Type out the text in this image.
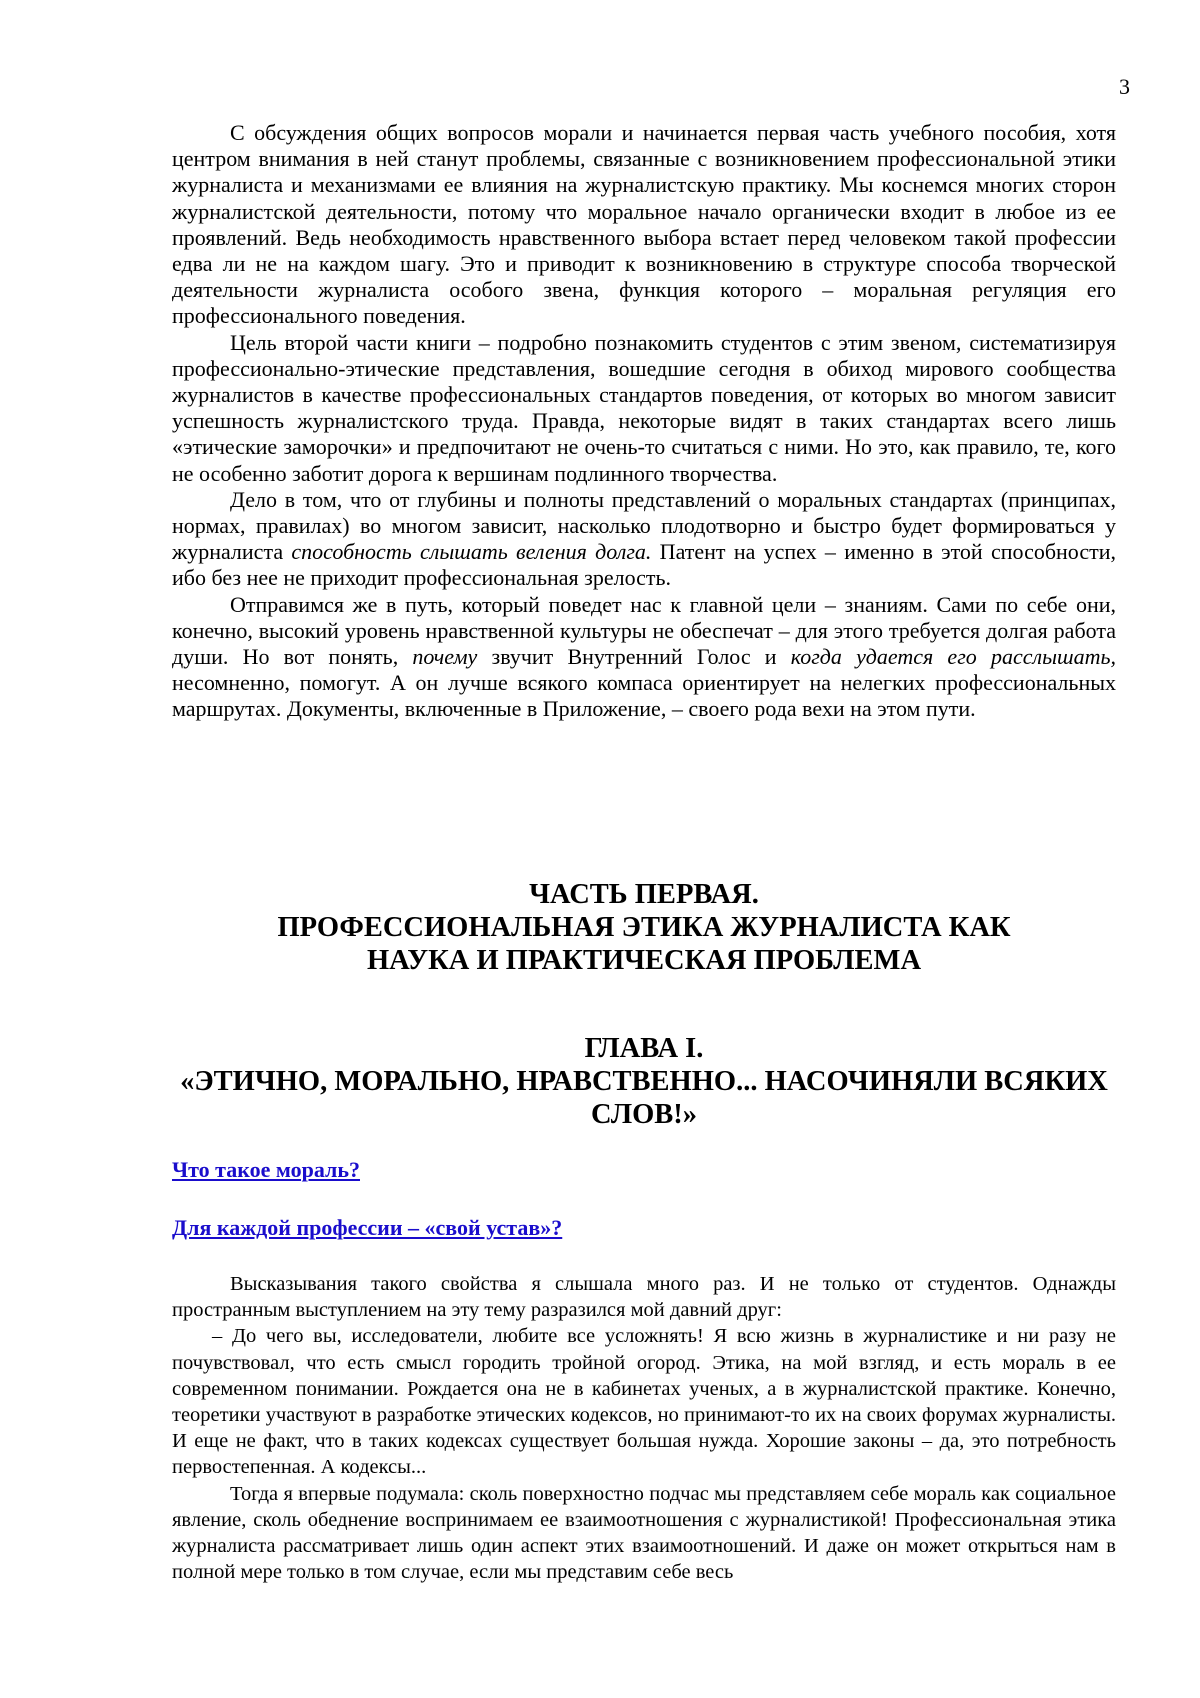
3

С обсуждения общих вопросов морали и начинается первая часть учебного пособия, хотя центром внимания в ней станут проблемы, связанные с возникновением профессиональной этики журналиста и механизмами ее влияния на журналистскую практику. Мы коснемся многих сторон журналистской деятельности, потому что моральное начало органически входит в любое из ее проявлений. Ведь необходимость нравственного выбора встает перед человеком такой профессии едва ли не на каждом шагу. Это и приводит к возникновению в структуре способа творческой деятельности журналиста особого звена, функция которого – моральная регуляция его профессионального поведения.

Цель второй части книги – подробно познакомить студентов с этим звеном, систематизируя профессионально-этические представления, вошедшие сегодня в обиход мирового сообщества журналистов в качестве профессиональных стандартов поведения, от которых во многом зависит успешность журналистского труда. Правда, некоторые видят в таких стандартах всего лишь «этические заморочки» и предпочитают не очень-то считаться с ними. Но это, как правило, те, кого не особенно заботит дорога к вершинам подлинного творчества.

Дело в том, что от глубины и полноты представлений о моральных стандартах (принципах, нормах, правилах) во многом зависит, насколько плодотворно и быстро будет формироваться у журналиста способность слышать веления долга. Патент на успех – именно в этой способности, ибо без нее не приходит профессиональная зрелость.

Отправимся же в путь, который поведет нас к главной цели – знаниям. Сами по себе они, конечно, высокий уровень нравственной культуры не обеспечат – для этого требуется долгая работа души. Но вот понять, почему звучит Внутренний Голос и когда удается его расслышать, несомненно, помогут. А он лучше всякого компаса ориентирует на нелегких профессиональных маршрутах. Документы, включенные в Приложение, – своего рода вехи на этом пути.

ЧАСТЬ ПЕРВАЯ.
ПРОФЕССИОНАЛЬНАЯ ЭТИКА ЖУРНАЛИСТА КАК
НАУКА И ПРАКТИЧЕСКАЯ ПРОБЛЕМА
ГЛАВА I.
«ЭТИЧНО, МОРАЛЬНО, НРАВСТВЕННО... НАСОЧИНЯЛИ ВСЯКИХ
СЛОВ!»
Что такое мораль?
Для каждой профессии – «свой устав»?

Высказывания такого свойства я слышала много раз. И не только от студентов. Однажды пространным выступлением на эту тему разразился мой давний друг:

– До чего вы, исследователи, любите все усложнять! Я всю жизнь в журналистике и ни разу не почувствовал, что есть смысл городить тройной огород. Этика, на мой взгляд, и есть мораль в ее современном понимании. Рождается она не в кабинетах ученых, а в журналистской практике. Конечно, теоретики участвуют в разработке этических кодексов, но принимают-то их на своих форумах журналисты. И еще не факт, что в таких кодексах существует большая нужда. Хорошие законы – да, это потребность первостепенная. А кодексы...

Тогда я впервые подумала: сколь поверхностно подчас мы представляем себе мораль как социальное явление, сколь обеднение воспринимаем ее взаимоотношения с журналистикой! Профессиональная этика журналиста рассматривает лишь один аспект этих взаимоотношений. И даже он может открыться нам в полной мере только в том случае, если мы представим себе весь
